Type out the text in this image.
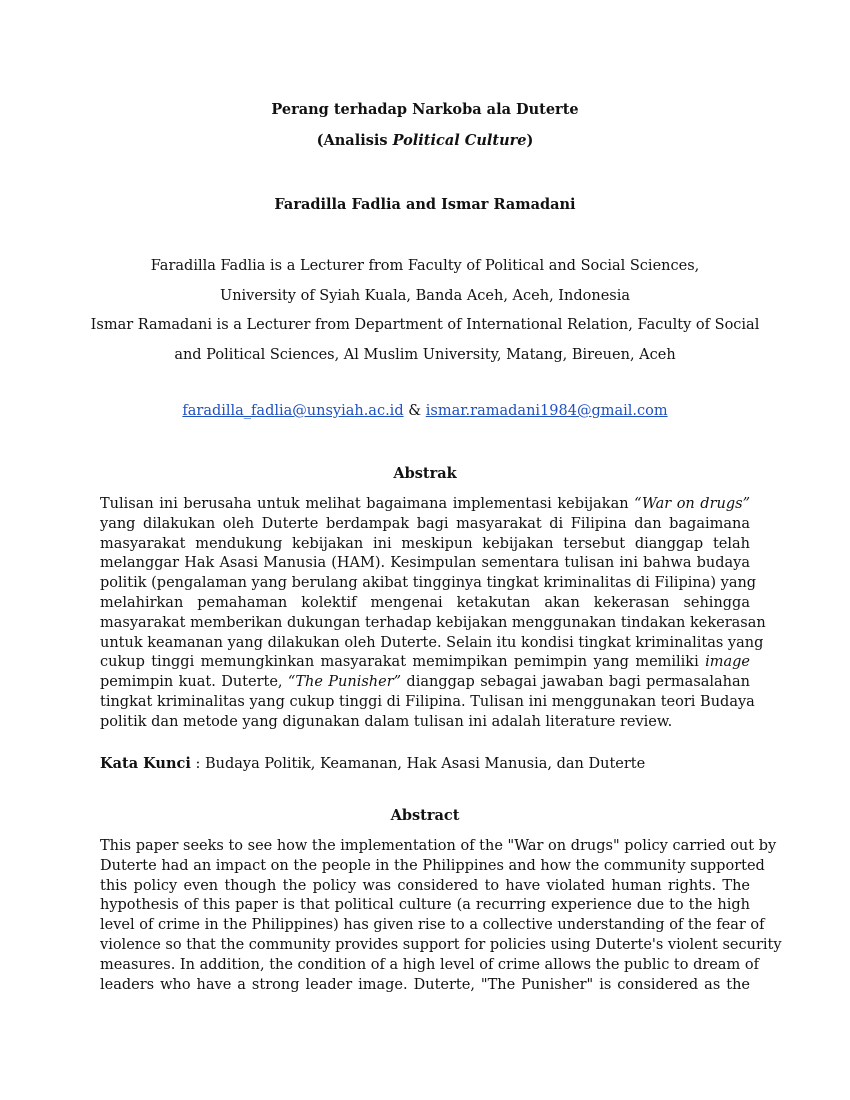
Perang terhadap Narkoba ala Duterte
(Analisis Political Culture)
Faradilla Fadlia and Ismar Ramadani
Faradilla Fadlia is a Lecturer from Faculty of Political and Social Sciences,
University of Syiah Kuala, Banda Aceh, Aceh, Indonesia
Ismar Ramadani is a Lecturer from Department of International Relation, Faculty of Social
and Political Sciences, Al Muslim University, Matang, Bireuen, Aceh
faradilla_fadlia@unsyiah.ac.id & ismar.ramadani1984@gmail.com
Abstrak
Tulisan ini berusaha untuk melihat bagaimana implementasi kebijakan “War on drugs”
yang dilakukan oleh Duterte berdampak bagi masyarakat di Filipina dan bagaimana
masyarakat mendukung kebijakan ini meskipun kebijakan tersebut dianggap telah
melanggar Hak Asasi Manusia (HAM). Kesimpulan sementara tulisan ini bahwa budaya
politik (pengalaman yang berulang akibat tingginya tingkat kriminalitas di Filipina) yang
melahirkan pemahaman kolektif mengenai ketakutan akan kekerasan sehingga
masyarakat memberikan dukungan terhadap kebijakan menggunakan tindakan kekerasan
untuk keamanan yang dilakukan oleh Duterte. Selain itu kondisi tingkat kriminalitas yang
cukup tinggi memungkinkan masyarakat memimpikan pemimpin yang memiliki image
pemimpin kuat. Duterte, “The Punisher” dianggap sebagai jawaban bagi permasalahan
tingkat kriminalitas yang cukup tinggi di Filipina. Tulisan ini menggunakan teori Budaya
politik dan metode yang digunakan dalam tulisan ini adalah literature review.
Kata Kunci : Budaya Politik, Keamanan, Hak Asasi Manusia, dan Duterte
Abstract
This paper seeks to see how the implementation of the "War on drugs" policy carried out by
Duterte had an impact on the people in the Philippines and how the community supported
this policy even though the policy was considered to have violated human rights. The
hypothesis of this paper is that political culture (a recurring experience due to the high
level of crime in the Philippines) has given rise to a collective understanding of the fear of
violence so that the community provides support for policies using Duterte's violent security
measures. In addition, the condition of a high level of crime allows the public to dream of
leaders who have a strong leader image. Duterte, "The Punisher" is considered as the
